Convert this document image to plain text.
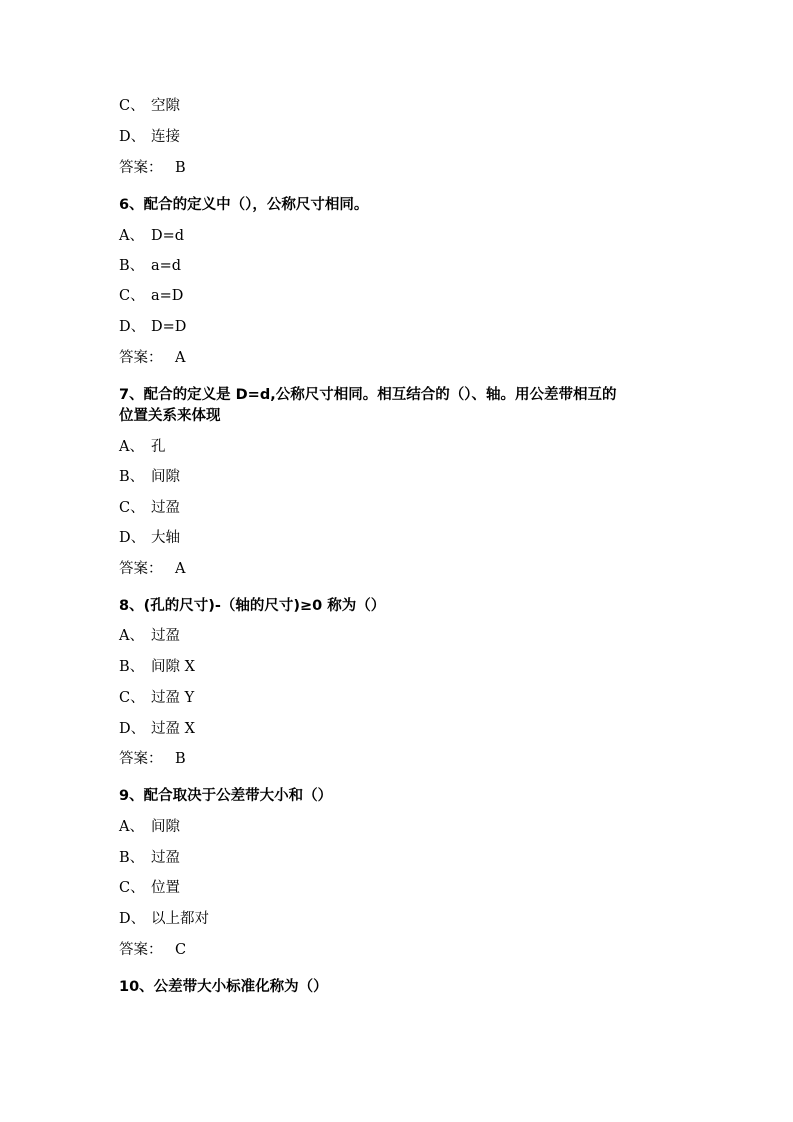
C、 空隙
D、 连接
答案： B
6、配合的定义中（），公称尺寸相同。
A、 D=d
B、 a=d
C、 a=D
D、 D=D
答案： A
7、配合的定义是 D=d,公称尺寸相同。相互结合的（）、轴。用公差带相互的
位置关系来体现
A、 孔
B、 间隙
C、 过盈
D、 大轴
答案： A
8、(孔的尺寸)-（轴的尺寸)≥0 称为（）
A、 过盈
B、 间隙 X
C、 过盈 Y
D、 过盈 X
答案： B
9、配合取决于公差带大小和（）
A、 间隙
B、 过盈
C、 位置
D、 以上都对
答案： C
10、公差带大小标准化称为（）
